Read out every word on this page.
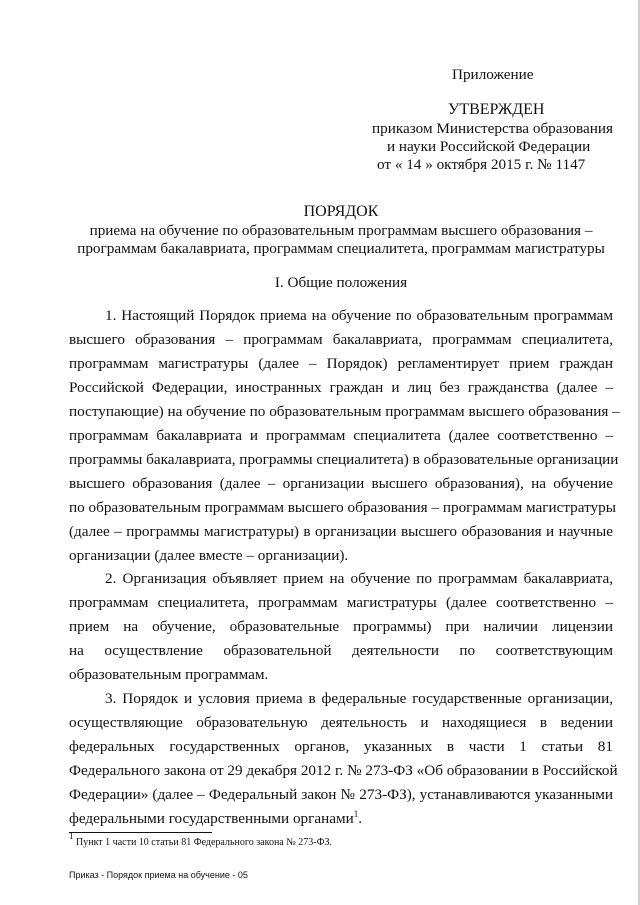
Приложение
УТВЕРЖДЕН
приказом Министерства образования
и науки Российской Федерации
от « 14 » октября 2015 г. № 1147
ПОРЯДОК
приема на обучение по образовательным программам высшего образования –
программам бакалавриата, программам специалитета, программам магистратуры
I. Общие положения
1. Настоящий Порядок приема на обучение по образовательным программам
высшего образования – программам бакалавриата, программам специалитета,
программам магистратуры (далее – Порядок) регламентирует прием граждан
Российской Федерации, иностранных граждан и лиц без гражданства (далее –
поступающие) на обучение по образовательным программам высшего образования –
программам бакалавриата и программам специалитета (далее соответственно –
программы бакалавриата, программы специалитета) в образовательные организации
высшего образования (далее – организации высшего образования), на обучение
по образовательным программам высшего образования – программам магистратуры
(далее – программы магистратуры) в организации высшего образования и научные
организации (далее вместе – организации).
2. Организация объявляет прием на обучение по программам бакалавриата,
программам специалитета, программам магистратуры (далее соответственно –
прием на обучение, образовательные программы) при наличии лицензии
на осуществление образовательной деятельности по соответствующим
образовательным программам.
3. Порядок и условия приема в федеральные государственные организации,
осуществляющие образовательную деятельность и находящиеся в ведении
федеральных государственных органов, указанных в части 1 статьи 81
Федерального закона от 29 декабря 2012 г. № 273-ФЗ «Об образовании в Российской
Федерации» (далее – Федеральный закон № 273-ФЗ), устанавливаются указанными
федеральными государственными органами$^1$.
$^1$ Пункт 1 части 10 статьи 81 Федерального закона № 273-ФЗ.
Приказ - Порядок приема на обучение - 05
